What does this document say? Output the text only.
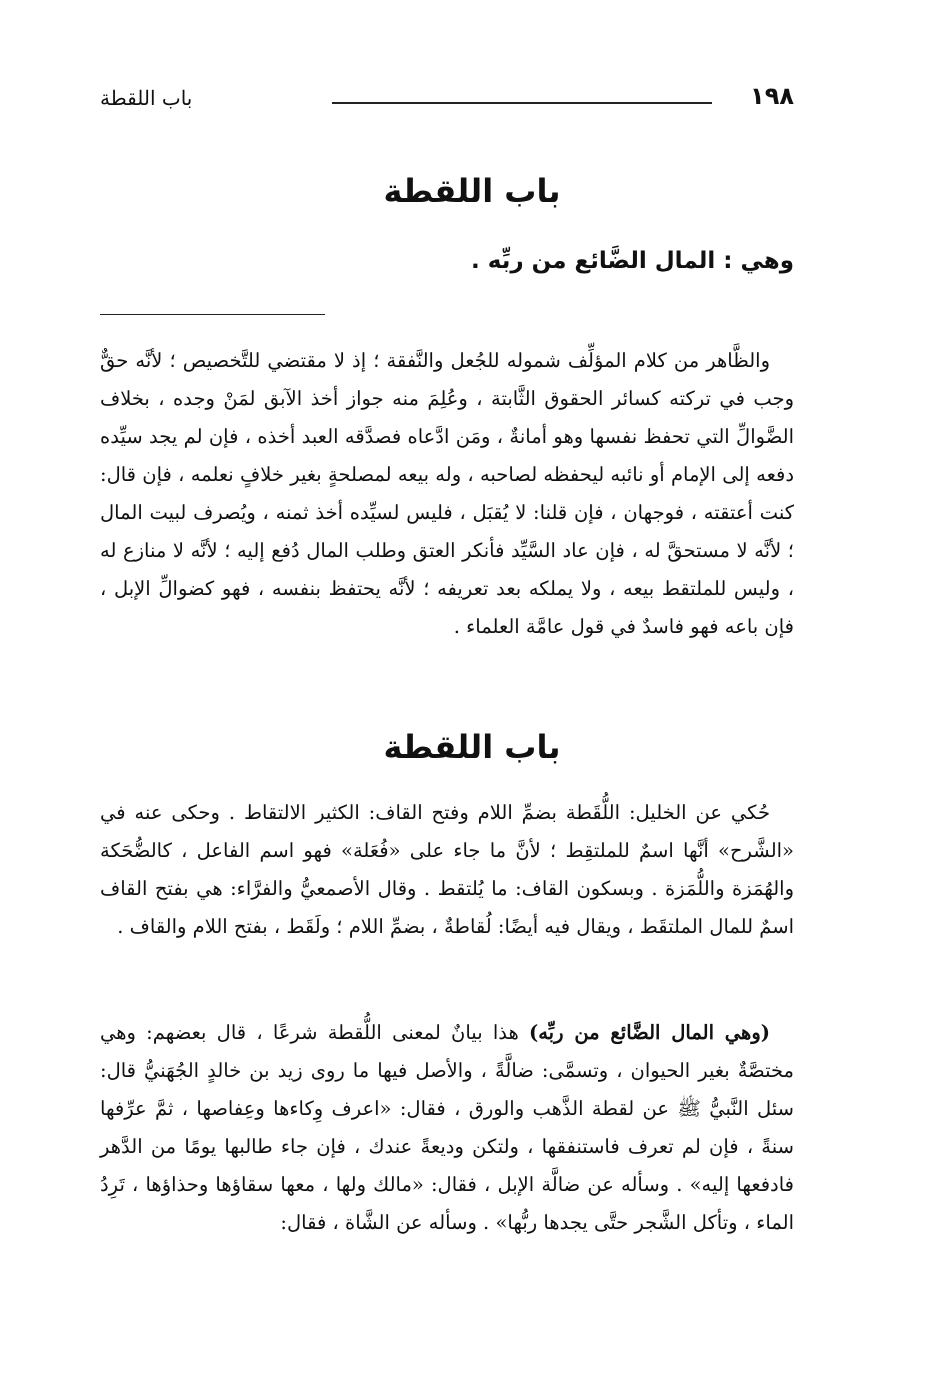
١٩٨
باب اللقطة
باب اللقطة
وهي : المال الضَّائع من ربِّه .
والظَّاهر من كلام المؤلِّف شموله للجُعل والنَّفقة ؛ إذ لا مقتضي للتَّخصيص ؛ لأنَّه حقٌّ وجب في تركته كسائر الحقوق الثَّابتة ، وعُلِمَ منه جواز أخذ الآبق لمَنْ وجده ، بخلاف الضَّوالِّ التي تحفظ نفسها وهو أمانةٌ ، ومَن ادَّعاه فصدَّقه العبد أخذه ، فإن لم يجد سيِّده دفعه إلى الإمام أو نائبه ليحفظه لصاحبه ، وله بيعه لمصلحةٍ بغير خلافٍ نعلمه ، فإن قال: كنت أعتقته ، فوجهان ، فإن قلنا: لا يُقبَل ، فليس لسيِّده أخذ ثمنه ، ويُصرف لبيت المال ؛ لأنَّه لا مستحقَّ له ، فإن عاد السَّيِّد فأنكر العتق وطلب المال دُفع إليه ؛ لأنَّه لا منازع له ، وليس للملتقط بيعه ، ولا يملكه بعد تعريفه ؛ لأنَّه يحتفظ بنفسه ، فهو كضوالِّ الإبل ، فإن باعه فهو فاسدٌ في قول عامَّة العلماء .
باب اللقطة
حُكي عن الخليل: اللُّقَطة بضمِّ اللام وفتح القاف: الكثير الالتقاط . وحكى عنه في «الشَّرح» أنَّها اسمٌ للملتقِط ؛ لأنَّ ما جاء على «فُعَلة» فهو اسم الفاعل ، كالضُّحَكة والهُمَزة واللُّمَزة . وبسكون القاف: ما يُلتقط . وقال الأصمعيُّ والفرَّاء: هي بفتح القاف اسمٌ للمال الملتقَط ، ويقال فيه أيضًا: لُقاطةٌ ، بضمِّ اللام ؛ ولَقَط ، بفتح اللام والقاف .
(وهي المال الضَّائع من ربِّه) هذا بيانٌ لمعنى اللُّقطة شرعًا ، قال بعضهم: وهي مختصَّةٌ بغير الحيوان ، وتسمَّى: ضالَّةً ، والأصل فيها ما روى زيد بن خالدٍ الجُهَنيُّ قال: سئل النَّبيُّ ﷺ عن لقطة الذَّهب والورق ، فقال: «اعرف وِكاءها وعِفاصها ، ثمَّ عرِّفها سنةً ، فإن لم تعرف فاستنفقها ، ولتكن وديعةً عندك ، فإن جاء طالبها يومًا من الدَّهر فادفعها إليه» . وسأله عن ضالَّة الإبل ، فقال: «مالك ولها ، معها سقاؤها وحذاؤها ، تَرِدُ الماء ، وتأكل الشَّجر حتَّى يجدها ربُّها» . وسأله عن الشَّاة ، فقال:
